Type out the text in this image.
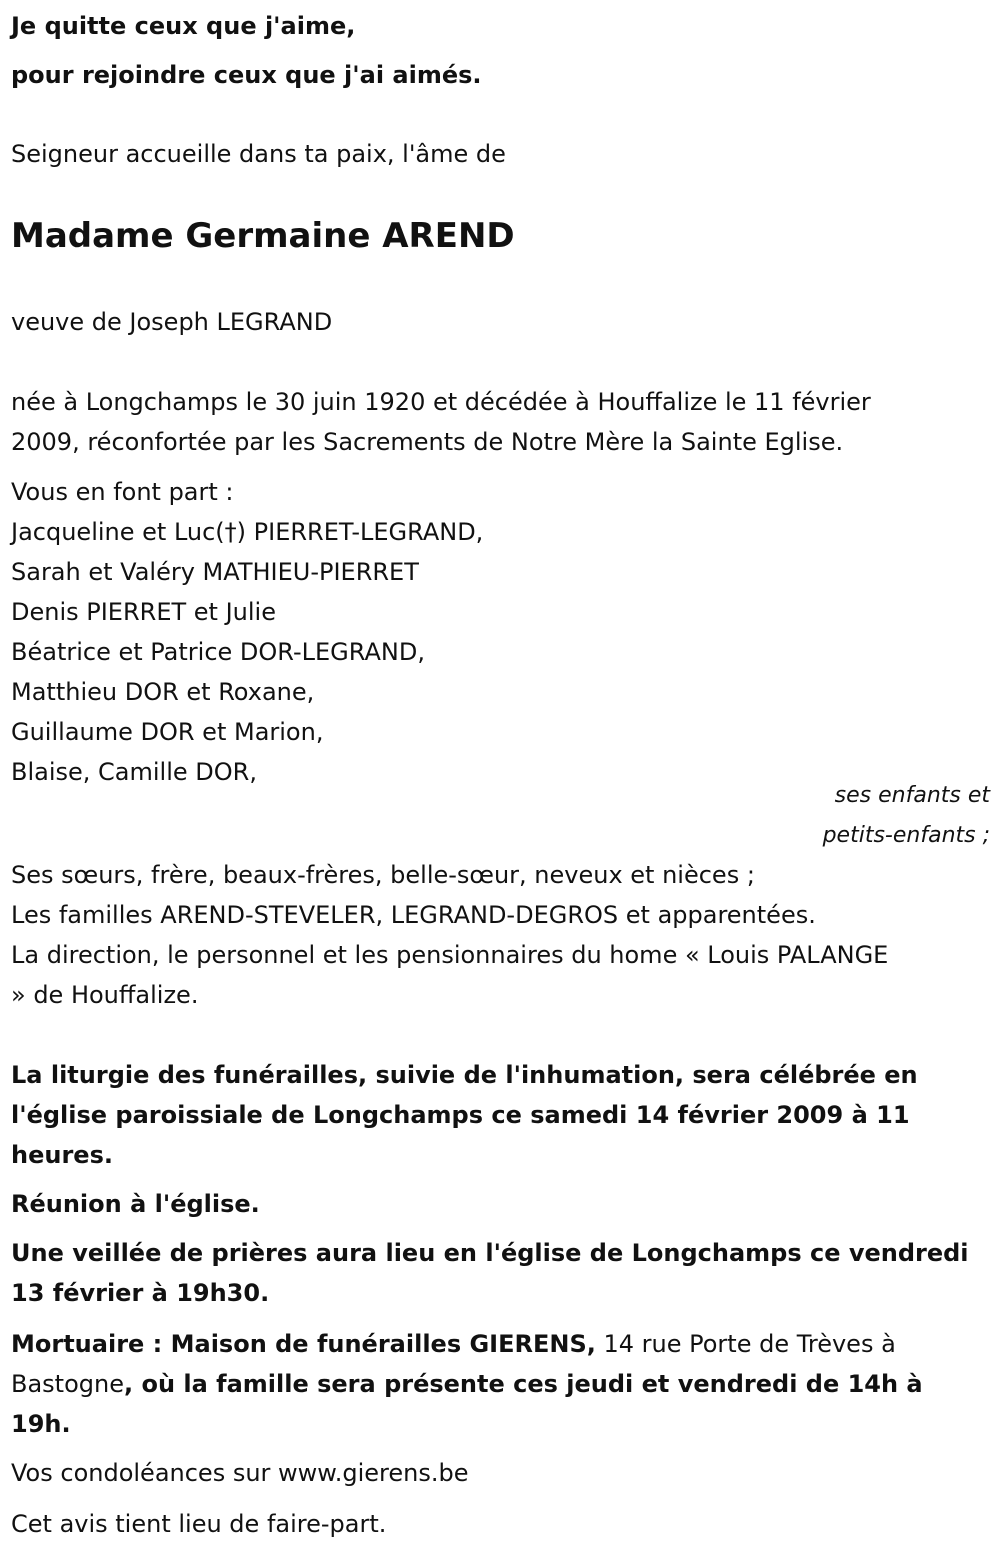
Je quitte ceux que j'aime,
pour rejoindre ceux que j'ai aimés.
Seigneur accueille dans ta paix, l'âme de
Madame Germaine AREND
veuve de Joseph LEGRAND
née à Longchamps le 30 juin 1920 et décédée à Houffalize le 11 février
2009, réconfortée par les Sacrements de Notre Mère la Sainte Eglise.
Vous en font part :
Jacqueline et Luc(†) PIERRET-LEGRAND,
Sarah et Valéry MATHIEU-PIERRET
Denis PIERRET et Julie
Béatrice et Patrice DOR-LEGRAND,
Matthieu DOR et Roxane,
Guillaume DOR et Marion,
Blaise, Camille DOR,
ses enfants et
petits-enfants ;
Ses sœurs, frère, beaux-frères, belle-sœur, neveux et nièces ;
Les familles AREND-STEVELER, LEGRAND-DEGROS et apparentées.
La direction, le personnel et les pensionnaires du home « Louis PALANGE
» de Houffalize.
La liturgie des funérailles, suivie de l'inhumation, sera célébrée en
l'église paroissiale de Longchamps ce samedi 14 février 2009 à 11
heures.
Réunion à l'église.
Une veillée de prières aura lieu en l'église de Longchamps ce vendredi
13 février à 19h30.
Mortuaire : Maison de funérailles GIERENS, 14 rue Porte de Trèves à
Bastogne, où la famille sera présente ces jeudi et vendredi de 14h à
19h.
Vos condoléances sur www.gierens.be
Cet avis tient lieu de faire-part.
